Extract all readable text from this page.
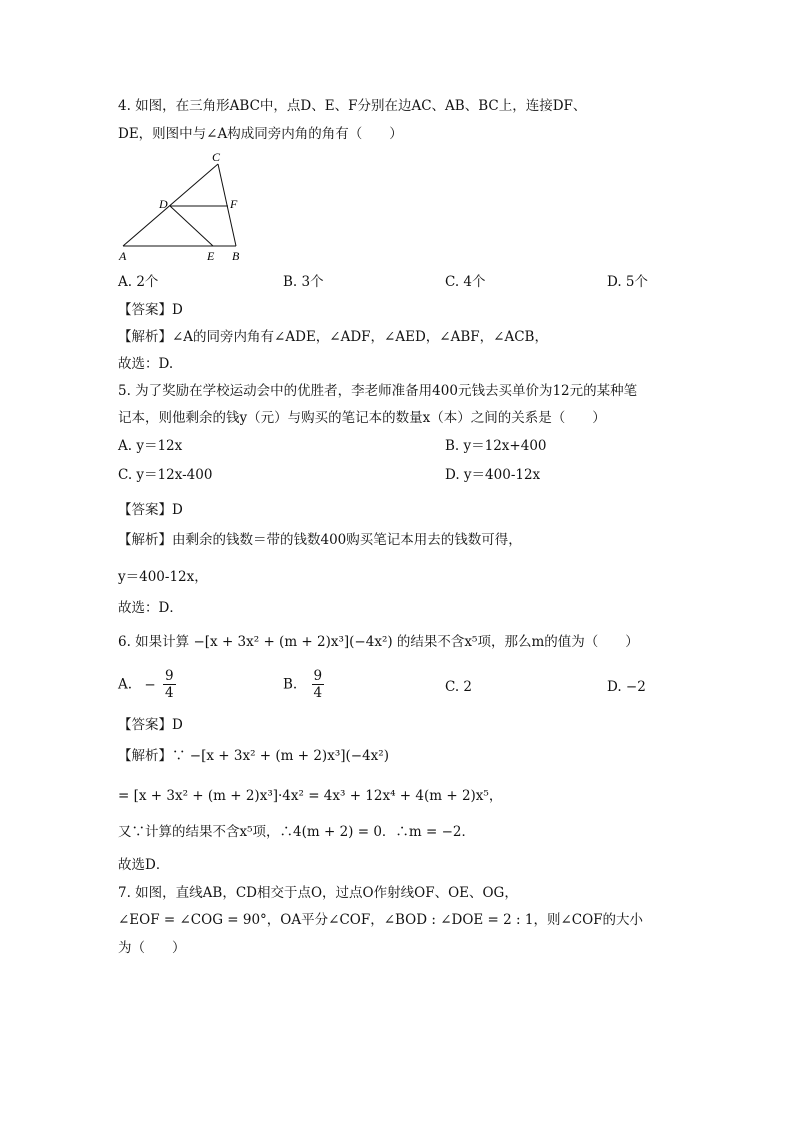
4. 如图，在三角形ABC中，点D、E、F分别在边AC、AB、BC上，连接DF、
DE，则图中与∠A构成同旁内角的角有（　　）
C
D	F
A	E B
A. 2个	B. 3个	C. 4个	D. 5个
【答案】D
【解析】∠A的同旁内角有∠ADE，∠ADF，∠AED，∠ABF，∠ACB，
故选：D.
5. 为了奖励在学校运动会中的优胜者，李老师准备用400元钱去买单价为12元的某种笔
记本，则他剩余的钱y（元）与购买的笔记本的数量x（本）之间的关系是（　　）
A. y＝12x	B. y＝12x+400
C. y＝12x-400	D. y＝400-12x
【答案】D
【解析】由剩余的钱数＝带的钱数400购买笔记本用去的钱数可得，
y＝400-12x，
故选：D．
6. 如果计算 −[x + 3x² + (m + 2)x³](−4x²) 的结果不含x⁵项，那么m的值为（　　）
A. − $\frac{9}{4}$	B. $\frac{9}{4}$	C. 2	D. −2
【答案】D
【解析】∵ −[x + 3x² + (m + 2)x³](−4x²)
= [x + 3x² + (m + 2)x³]·4x² = 4x³ + 12x⁴ + 4(m + 2)x⁵，
又∵计算的结果不含x⁵项，∴4(m + 2) = 0．∴m = −2．
故选D．
7. 如图，直线AB，CD相交于点O，过点O作射线OF、OE、OG，
∠EOF = ∠COG = 90°，OA平分∠COF，∠BOD : ∠DOE = 2 : 1，则∠COF的大小
为（　　）
